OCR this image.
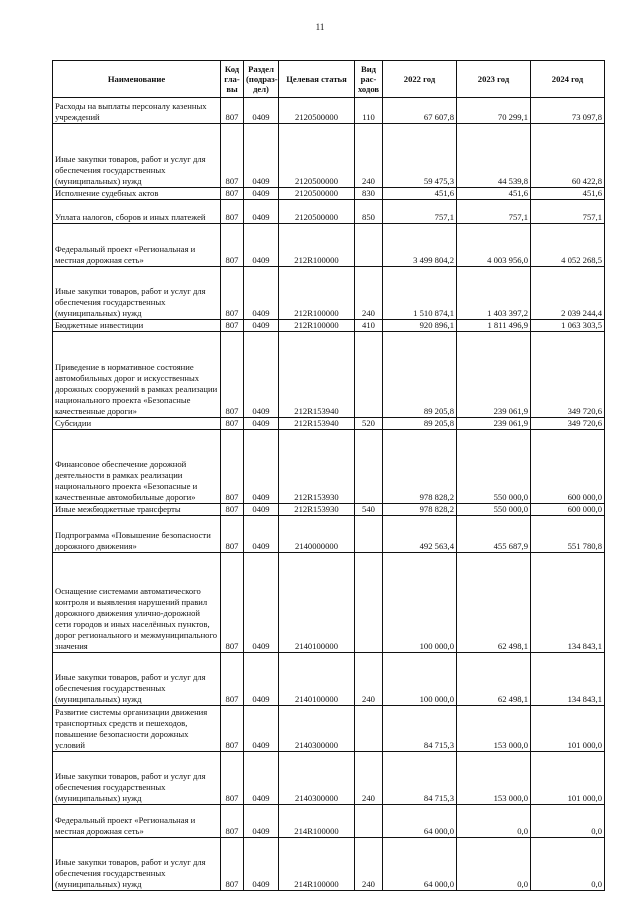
11
Наименование	Код гла-вы	Раздел (подраз-дел)	Целевая статья	Вид рас-ходов	2022 год	2023 год	2024 год
Расходы на выплаты персоналу казенных учреждений	807	0409	2120500000	110	67 607,8	70 299,1	73 097,8
Иные закупки товаров, работ и услуг для обеспечения государственных (муниципальных) нужд	807	0409	2120500000	240	59 475,3	44 539,8	60 422,8
Исполнение судебных актов	807	0409	2120500000	830	451,6	451,6	451,6
Уплата налогов, сборов и иных платежей	807	0409	2120500000	850	757,1	757,1	757,1
Федеральный проект «Региональная и местная дорожная сеть»	807	0409	212R100000		3 499 804,2	4 003 956,0	4 052 268,5
Иные закупки товаров, работ и услуг для обеспечения государственных (муниципальных) нужд	807	0409	212R100000	240	1 510 874,1	1 403 397,2	2 039 244,4
Бюджетные инвестиции	807	0409	212R100000	410	920 896,1	1 811 496,9	1 063 303,5
Приведение в нормативное состояние автомобильных дорог и искусственных дорожных сооружений в рамках реализации национального проекта «Безопасные качественные дороги»	807	0409	212R153940		89 205,8	239 061,9	349 720,6
Субсидии	807	0409	212R153940	520	89 205,8	239 061,9	349 720,6
Финансовое обеспечение дорожной деятельности в рамках реализации национального проекта «Безопасные и качественные автомобильные дороги»	807	0409	212R153930		978 828,2	550 000,0	600 000,0
Иные межбюджетные трансферты	807	0409	212R153930	540	978 828,2	550 000,0	600 000,0
Подпрограмма «Повышение безопасности дорожного движения»	807	0409	2140000000		492 563,4	455 687,9	551 780,8
Оснащение системами автоматического контроля и выявления нарушений правил дорожного движения улично-дорожной сети городов и иных населённых пунктов, дорог регионального и межмуниципального значения	807	0409	2140100000		100 000,0	62 498,1	134 843,1
Иные закупки товаров, работ и услуг для обеспечения государственных (муниципальных) нужд	807	0409	2140100000	240	100 000,0	62 498,1	134 843,1
Развитие системы организации движения транспортных средств и пешеходов, повышение безопасности дорожных условий	807	0409	2140300000		84 715,3	153 000,0	101 000,0
Иные закупки товаров, работ и услуг для обеспечения государственных (муниципальных) нужд	807	0409	2140300000	240	84 715,3	153 000,0	101 000,0
Федеральный проект «Региональная и местная дорожная сеть»	807	0409	214R100000		64 000,0	0,0	0,0
Иные закупки товаров, работ и услуг для обеспечения государственных (муниципальных) нужд	807	0409	214R100000	240	64 000,0	0,0	0,0
